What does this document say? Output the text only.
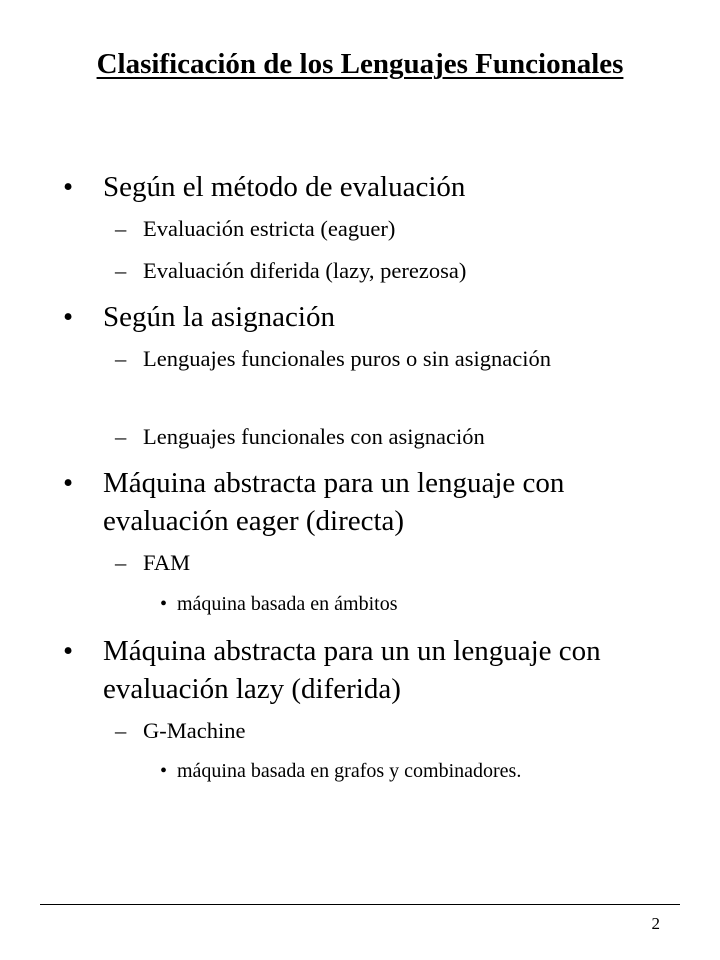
Clasificación de los Lenguajes Funcionales
• Según el método de evaluación
– Evaluación estricta (eaguer)
– Evaluación diferida (lazy, perezosa)
• Según la asignación
– Lenguajes funcionales puros o sin asignación
– Lenguajes funcionales con asignación
• Máquina abstracta para un lenguaje con evaluación eager (directa)
– FAM
• máquina basada en ámbitos
• Máquina abstracta para un un lenguaje con evaluación lazy (diferida)
– G-Machine
• máquina basada en grafos y combinadores.
2
